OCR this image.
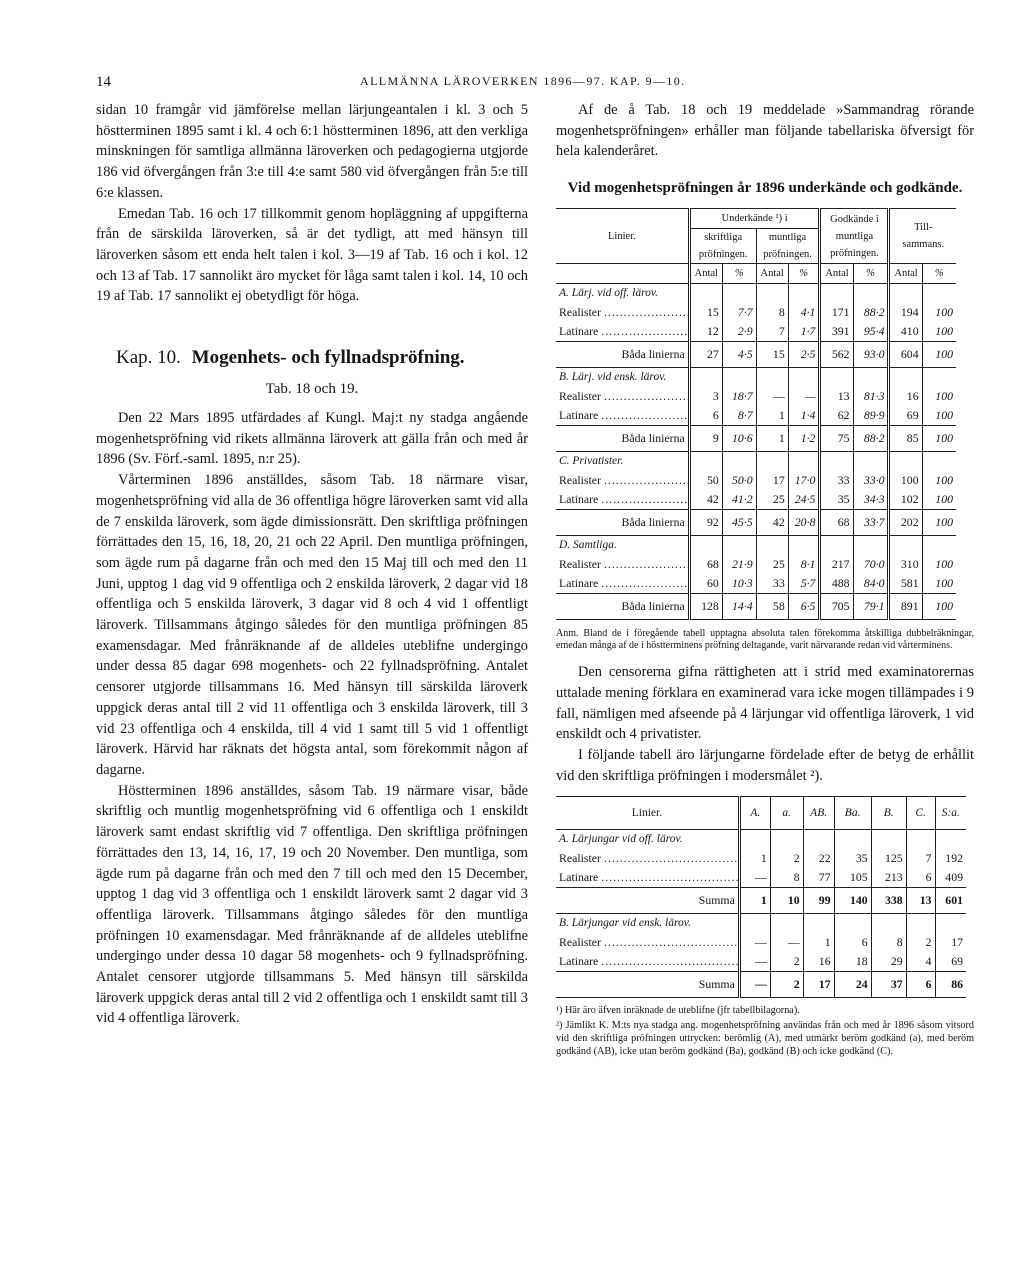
14	ALLMÄNNA LÄROVERKEN 1896—97. KAP. 9—10.

sidan 10 framgår vid jämförelse mellan lärjungeantalen i kl. 3 och 5 höstterminen 1895 samt i kl. 4 och 6:1 höstterminen 1896, att den verkliga minskningen för samtliga allmänna läroverken och pedagogierna utgjorde 186 vid öfvergången från 3:e till 4:e samt 580 vid öfvergången från 5:e till 6:e klassen.

Emedan Tab. 16 och 17 tillkommit genom hopläggning af uppgifterna från de särskilda läroverken, så är det tydligt, att med hänsyn till läroverken såsom ett enda helt talen i kol. 3—19 af Tab. 16 och i kol. 12 och 13 af Tab. 17 sannolikt äro mycket för låga samt talen i kol. 14, 10 och 19 af Tab. 17 sannolikt ej obetydligt för höga.

Kap. 10. Mogenhets- och fyllnadspröfning.
Tab. 18 och 19.

Den 22 Mars 1895 utfärdades af Kungl. Maj:t ny stadga angående mogenhetspröfning vid rikets allmänna läroverk att gälla från och med år 1896 (Sv. Förf.-saml. 1895, n:r 25).

Vårterminen 1896 anställdes, såsom Tab. 18 närmare visar, mogenhetspröfning vid alla de 36 offentliga högre läroverken samt vid alla de 7 enskilda läroverk, som ägde dimissionsrätt. Den skriftliga pröfningen förrättades den 15, 16, 18, 20, 21 och 22 April. Den muntliga pröfningen, som ägde rum på dagarne från och med den 15 Maj till och med den 11 Juni, upptog 1 dag vid 9 offentliga och 2 enskilda läroverk, 2 dagar vid 18 offentliga och 5 enskilda läroverk, 3 dagar vid 8 och 4 vid 1 offentligt läroverk. Tillsammans åtgingo således för den muntliga pröfningen 85 examensdagar. Med frånräknande af de alldeles uteblifne undergingo under dessa 85 dagar 698 mogenhets- och 22 fyllnadspröfning. Antalet censorer utgjorde tillsammans 16. Med hänsyn till särskilda läroverk uppgick deras antal till 2 vid 11 offentliga och 3 enskilda läroverk, till 3 vid 23 offentliga och 4 enskilda, till 4 vid 1 samt till 5 vid 1 offentligt läroverk. Härvid har räknats det högsta antal, som förekommit någon af dagarne.

Höstterminen 1896 anställdes, såsom Tab. 19 närmare visar, både skriftlig och muntlig mogenhetspröfning vid 6 offentliga och 1 enskildt läroverk samt endast skriftlig vid 7 offentliga. Den skriftliga pröfningen förrättades den 13, 14, 16, 17, 19 och 20 November. Den muntliga, som ägde rum på dagarne från och med den 7 till och med den 15 December, upptog 1 dag vid 3 offentliga och 1 enskildt läroverk samt 2 dagar vid 3 offentliga läroverk. Tillsammans åtgingo således för den muntliga pröfningen 10 examensdagar. Med frånräknande af de alldeles uteblifne undergingo under dessa 10 dagar 58 mogenhets- och 9 fyllnadspröfning. Antalet censorer utgjorde tillsammans 5. Med hänsyn till särskilda läroverk uppgick deras antal till 2 vid 2 offentliga och 1 enskildt samt till 3 vid 4 offentliga läroverk.

Af de å Tab. 18 och 19 meddelade »Sammandrag rörande mogenhetspröfningen» erhåller man följande tabellariska öfversigt för hela kalenderåret.

Vid mogenhetspröfningen år 1896 underkände och godkände.
Linier.	Underkände ¹) i				Godkände i muntliga pröfningen.		Till-sammans.	
	skriftliga pröfningen.		muntliga pröfningen.					
	Antal	%	Antal	%	Antal	%	Antal	%
A. Lärj. vid off. lärov.								
Realister .....	15	7·7	8	4·1	171	88·2	194	100
Latinare .....	12	2·9	7	1·7	391	95·4	410	100
Båda linierna	27	4·5	15	2·5	562	93·0	604	100
B. Lärj. vid ensk. lärov.								
Realister .....	3	18·7	—	—	13	81·3	16	100
Latinare .....	6	8·7	1	1·4	62	89·9	69	100
Båda linierna	9	10·6	1	1·2	75	88·2	85	100
C. Privatister.								
Realister .....	50	50·0	17	17·0	33	33·0	100	100
Latinare .....	42	41·2	25	24·5	35	34·3	102	100
Båda linierna	92	45·5	42	20·8	68	33·7	202	100
D. Samtliga.								
Realister .....	68	21·9	25	8·1	217	70·0	310	100
Latinare .....	60	10·3	33	5·7	488	84·0	581	100
Båda linierna	128	14·4	58	6·5	705	79·1	891	100
Anm. Bland de i föregående tabell upptagna absoluta talen förekomma åtskilliga dubbelräkningar, emedan många af de i höstterminens pröfning deltagande, varit närvarande redan vid vårterminens.

Den censorerna gifna rättigheten att i strid med examinatorernas uttalade mening förklara en examinerad vara icke mogen tillämpades i 9 fall, nämligen med afseende på 4 lärjungar vid offentliga läroverk, 1 vid enskildt och 4 privatister.

I följande tabell äro lärjungarne fördelade efter de betyg de erhållit vid den skriftliga pröfningen i modersmålet ²).

Linier.	A.	a.	AB.	Ba.	B.	C.	S:a.
A. Lärjungar vid off. lärov.							
Realister .....	1	2	22	35	125	7	192
Latinare .....	—	8	77	105	213	6	409
Summa	1	10	99	140	338	13	601
B. Lärjungar vid ensk. lärov.							
Realister .....	—	—	1	6	8	2	17
Latinare .....	—	2	16	18	29	4	69
Summa	—	2	17	24	37	6	86

¹) Här äro äfven inräknade de uteblifne (jfr tabellbilagorna).

²) Jämlikt K. M:ts nya stadga ang. mogenhetspröfning användas från och med år 1896 såsom vitsord vid den skriftliga pröfningen uttrycken: berömlig (A), med utmärkt beröm godkänd (a), med beröm godkänd (AB), icke utan beröm godkänd (Ba), godkänd (B) och icke godkänd (C).
